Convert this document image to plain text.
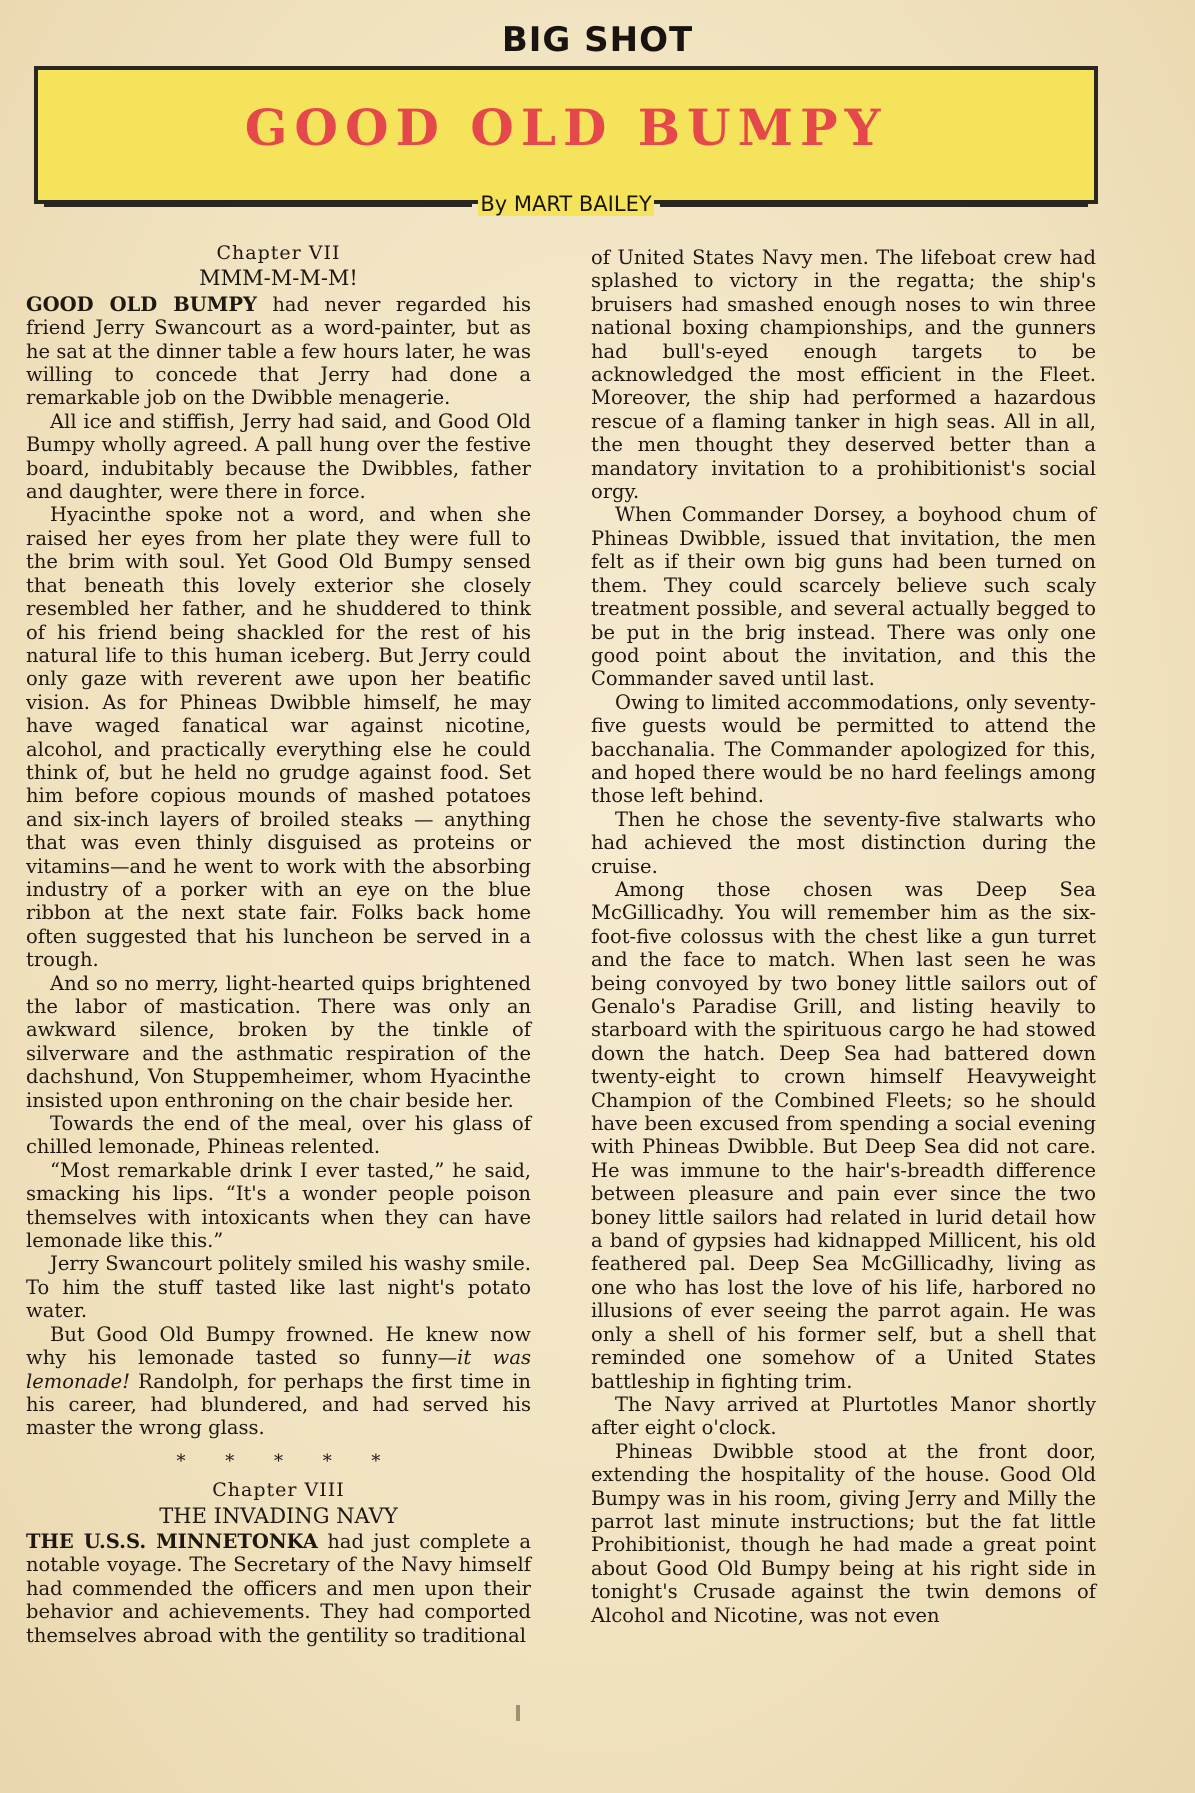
BIG SHOT
GOOD OLD BUMPY
By MART BAILEY
Chapter VII
MMM-M-M-M!

GOOD OLD BUMPY had never regarded his friend Jerry Swancourt as a word-painter, but as he sat at the dinner table a few hours later, he was willing to concede that Jerry had done a remarkable job on the Dwibble menagerie.

All ice and stiffish, Jerry had said, and Good Old Bumpy wholly agreed. A pall hung over the festive board, indubitably because the Dwibbles, father and daughter, were there in force.

Hyacinthe spoke not a word, and when she raised her eyes from her plate they were full to the brim with soul. Yet Good Old Bumpy sensed that beneath this lovely exterior she closely resembled her father, and he shuddered to think of his friend being shackled for the rest of his natural life to this human iceberg. But Jerry could only gaze with reverent awe upon her beatific vision. As for Phineas Dwibble himself, he may have waged fanatical war against nicotine, alcohol, and practically everything else he could think of, but he held no grudge against food. Set him before copious mounds of mashed potatoes and six-inch layers of broiled steaks — anything that was even thinly disguised as proteins or vitamins—and he went to work with the absorbing industry of a porker with an eye on the blue ribbon at the next state fair. Folks back home often suggested that his luncheon be served in a trough.

And so no merry, light-hearted quips brightened the labor of mastication. There was only an awkward silence, broken by the tinkle of silverware and the asthmatic respiration of the dachshund, Von Stuppemheimer, whom Hyacinthe insisted upon enthroning on the chair beside her.

Towards the end of the meal, over his glass of chilled lemonade, Phineas relented.

“Most remarkable drink I ever tasted,” he said, smacking his lips. “It's a wonder people poison themselves with intoxicants when they can have lemonade like this.”

Jerry Swancourt politely smiled his washy smile. To him the stuff tasted like last night's potato water.

But Good Old Bumpy frowned. He knew now why his lemonade tasted so funny—it was lemonade! Randolph, for perhaps the first time in his career, had blundered, and had served his master the wrong glass.

* * * * *
Chapter VIII
THE INVADING NAVY

THE U.S.S. MINNETONKA had just complete a notable voyage. The Secretary of the Navy himself had commended the officers and men upon their behavior and achievements. They had comported themselves abroad with the gentility so traditional

of United States Navy men. The lifeboat crew had splashed to victory in the regatta; the ship's bruisers had smashed enough noses to win three national boxing championships, and the gunners had bull's-eyed enough targets to be acknowledged the most efficient in the Fleet. Moreover, the ship had performed a hazardous rescue of a flaming tanker in high seas. All in all, the men thought they deserved better than a mandatory invitation to a prohibitionist's social orgy.

When Commander Dorsey, a boyhood chum of Phineas Dwibble, issued that invitation, the men felt as if their own big guns had been turned on them. They could scarcely believe such scaly treatment possible, and several actually begged to be put in the brig instead. There was only one good point about the invitation, and this the Commander saved until last.

Owing to limited accommodations, only seventy-five guests would be permitted to attend the bacchanalia. The Commander apologized for this, and hoped there would be no hard feelings among those left behind.

Then he chose the seventy-five stalwarts who had achieved the most distinction during the cruise.

Among those chosen was Deep Sea McGillicadhy. You will remember him as the six-foot-five colossus with the chest like a gun turret and the face to match. When last seen he was being convoyed by two boney little sailors out of Genalo's Paradise Grill, and listing heavily to starboard with the spirituous cargo he had stowed down the hatch. Deep Sea had battered down twenty-eight to crown himself Heavyweight Champion of the Combined Fleets; so he should have been excused from spending a social evening with Phineas Dwibble. But Deep Sea did not care. He was immune to the hair's-breadth difference between pleasure and pain ever since the two boney little sailors had related in lurid detail how a band of gypsies had kidnapped Millicent, his old feathered pal. Deep Sea McGillicadhy, living as one who has lost the love of his life, harbored no illusions of ever seeing the parrot again. He was only a shell of his former self, but a shell that reminded one somehow of a United States battleship in fighting trim.

The Navy arrived at Plurtotles Manor shortly after eight o'clock.

Phineas Dwibble stood at the front door, extending the hospitality of the house. Good Old Bumpy was in his room, giving Jerry and Milly the parrot last minute instructions; but the fat little Prohibitionist, though he had made a great point about Good Old Bumpy being at his right side in tonight's Crusade against the twin demons of Alcohol and Nicotine, was not even
